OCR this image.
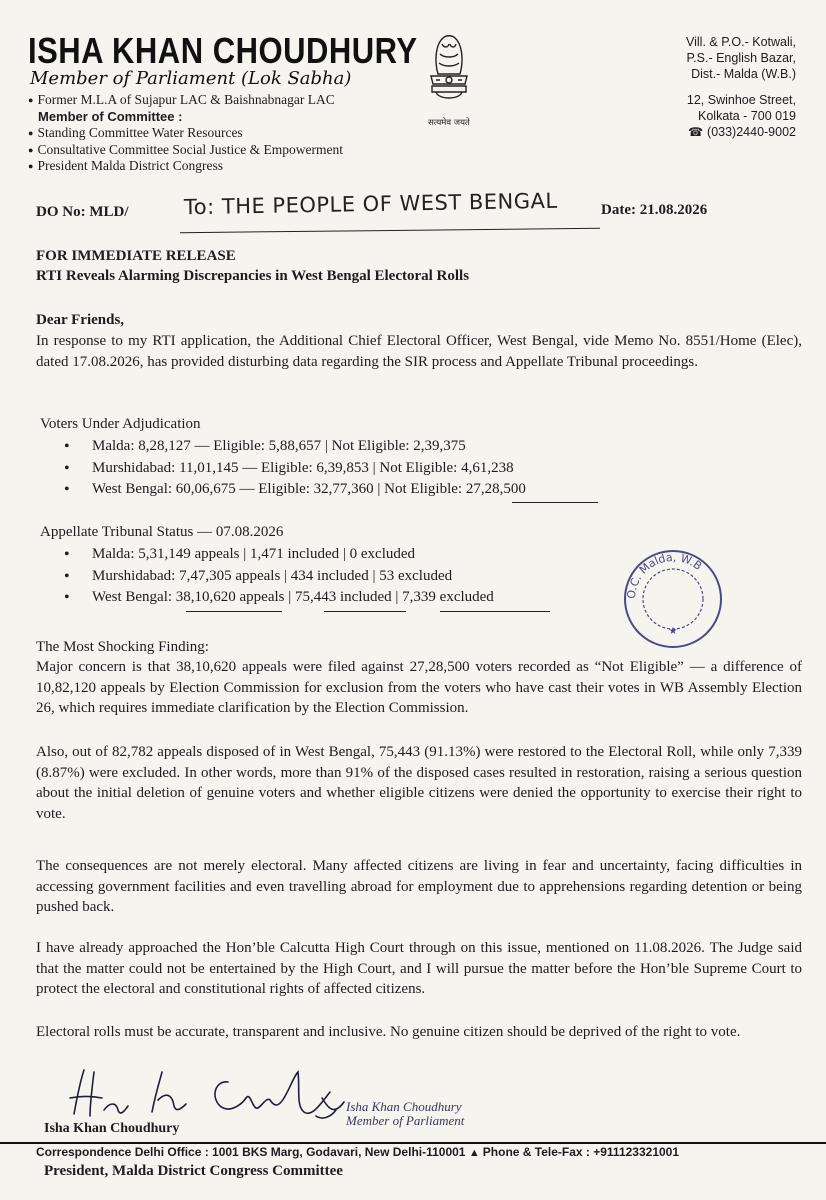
ISHA KHAN CHOUDHURY
Member of Parliament (Lok Sabha)
● Former M.L.A of Sujapur LAC & Baishnabnagar LAC
Member of Committee :
● Standing Committee Water Resources
● Consultative Committee Social Justice & Empowerment
● President Malda District Congress
सत्यमेव जयते
Vill. & P.O.- Kotwali,
P.S.- English Bazar,
Dist.- Malda (W.B.)
12, Swinhoe Street,
Kolkata - 700 019
☎ (033)2440-9002
DO No: MLD/	To: THE PEOPLE OF WEST BENGAL	Date: 21.08.2026
FOR IMMEDIATE RELEASE
RTI Reveals Alarming Discrepancies in West Bengal Electoral Rolls
Dear Friends,

In response to my RTI application, the Additional Chief Electoral Officer, West Bengal, vide Memo No. 8551/Home (Elec), dated 17.08.2026, has provided disturbing data regarding the SIR process and Appellate Tribunal proceedings.

Voters Under Adjudication
• Malda: 8,28,127 — Eligible: 5,88,657 | Not Eligible: 2,39,375
• Murshidabad: 11,01,145 — Eligible: 6,39,853 | Not Eligible: 4,61,238
• West Bengal: 60,06,675 — Eligible: 32,77,360 | Not Eligible: 27,28,500
Appellate Tribunal Status — 07.08.2026
• Malda: 5,31,149 appeals | 1,471 included | 0 excluded
• Murshidabad: 7,47,305 appeals | 434 included | 53 excluded
• West Bengal: 38,10,620 appeals | 75,443 included | 7,339 excluded	O.C. Malda, W.B
★
The Most Shocking Finding:

Major concern is that 38,10,620 appeals were filed against 27,28,500 voters recorded as “Not Eligible” — a difference of 10,82,120 appeals by Election Commission for exclusion from the voters who have cast their votes in WB Assembly Election 26, which requires immediate clarification by the Election Commission.

Also, out of 82,782 appeals disposed of in West Bengal, 75,443 (91.13%) were restored to the Electoral Roll, while only 7,339 (8.87%) were excluded. In other words, more than 91% of the disposed cases resulted in restoration, raising a serious question about the initial deletion of genuine voters and whether eligible citizens were denied the opportunity to exercise their right to vote.

The consequences are not merely electoral. Many affected citizens are living in fear and uncertainty, facing difficulties in accessing government facilities and even travelling abroad for employment due to apprehensions regarding detention or being pushed back.

I have already approached the Hon’ble Calcutta High Court through on this issue, mentioned on 11.08.2026. The Judge said that the matter could not be entertained by the High Court, and I will pursue the matter before the Hon’ble Supreme Court to protect the electoral and constitutional rights of affected citizens.

Electoral rolls must be accurate, transparent and inclusive. No genuine citizen should be deprived of the right to vote.

Isha Khan Choudhury
Member of Parliament
Isha Khan Choudhury
Correspondence Delhi Office : 1001 BKS Marg, Godavari, New Delhi-110001 ▲ Phone & Tele-Fax : +911123321001
President, Malda District Congress Committee
